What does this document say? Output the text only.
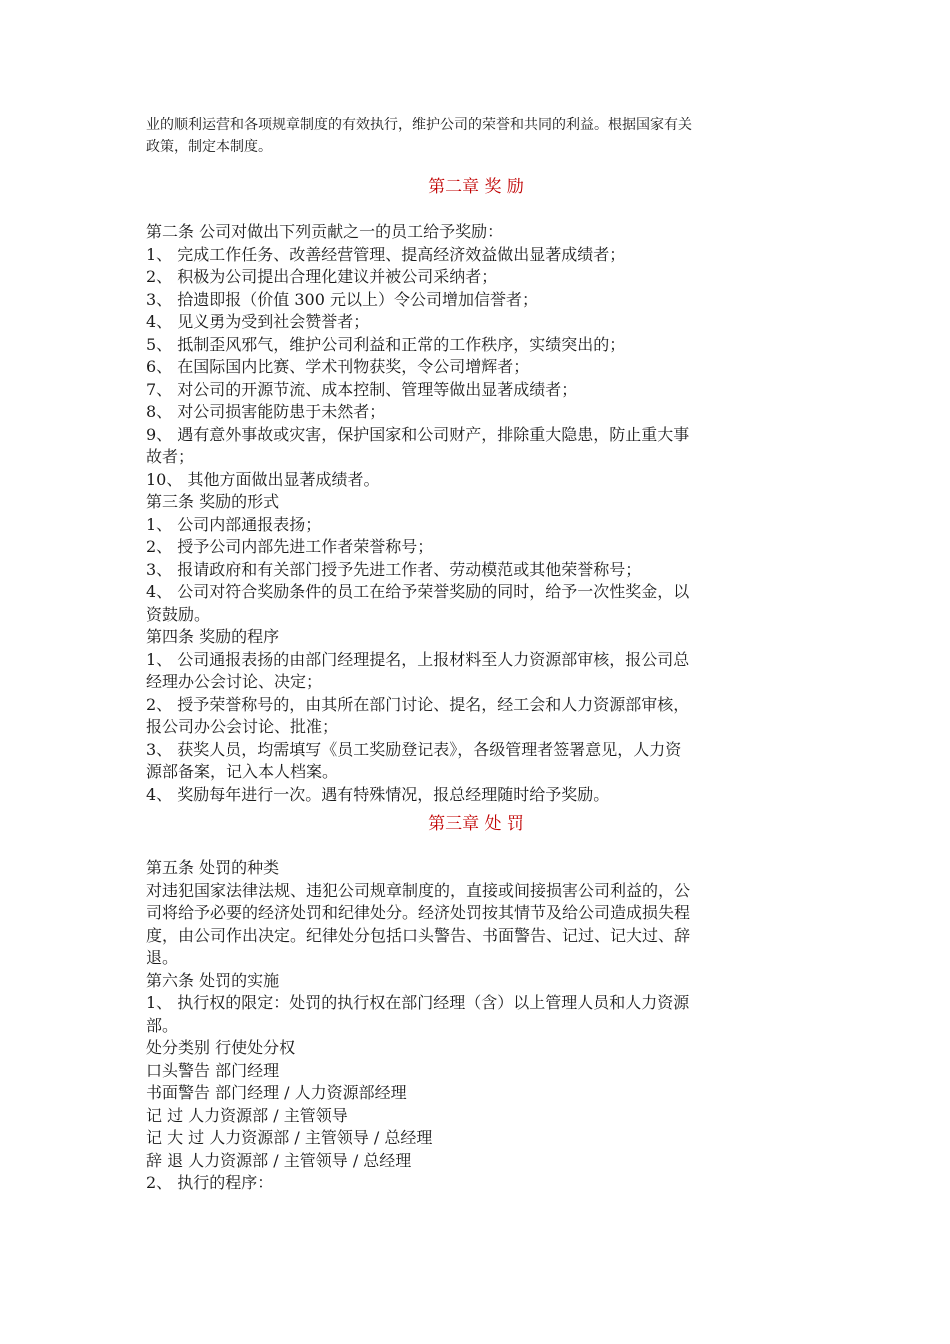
业的顺利运营和各项规章制度的有效执行，维护公司的荣誉和共同的利益。根据国家有关

政策，制定本制度。

第二章 奖 励

第二条 公司对做出下列贡献之一的员工给予奖励：

1、 完成工作任务、改善经营管理、提高经济效益做出显著成绩者；

2、 积极为公司提出合理化建议并被公司采纳者；

3、 拾遗即报（价值 300 元以上）令公司增加信誉者；

4、 见义勇为受到社会赞誉者；

5、 抵制歪风邪气，维护公司利益和正常的工作秩序，实绩突出的；

6、 在国际国内比赛、学术刊物获奖，令公司增辉者；

7、 对公司的开源节流、成本控制、管理等做出显著成绩者；

8、 对公司损害能防患于未然者；

9、 遇有意外事故或灾害，保护国家和公司财产，排除重大隐患，防止重大事

故者；

10、 其他方面做出显著成绩者。

第三条 奖励的形式

1、 公司内部通报表扬；

2、 授予公司内部先进工作者荣誉称号；

3、 报请政府和有关部门授予先进工作者、劳动模范或其他荣誉称号；

4、 公司对符合奖励条件的员工在给予荣誉奖励的同时，给予一次性奖金，以

资鼓励。

第四条 奖励的程序

1、 公司通报表扬的由部门经理提名，上报材料至人力资源部审核，报公司总

经理办公会讨论、决定；

2、 授予荣誉称号的，由其所在部门讨论、提名，经工会和人力资源部审核，

报公司办公会讨论、批准；

3、 获奖人员，均需填写《员工奖励登记表》，各级管理者签署意见，人力资

源部备案，记入本人档案。

4、 奖励每年进行一次。遇有特殊情况，报总经理随时给予奖励。

第三章 处 罚

第五条 处罚的种类

对违犯国家法律法规、违犯公司规章制度的，直接或间接损害公司利益的，公

司将给予必要的经济处罚和纪律处分。经济处罚按其情节及给公司造成损失程

度，由公司作出决定。纪律处分包括口头警告、书面警告、记过、记大过、辞

退。

第六条 处罚的实施

1、 执行权的限定：处罚的执行权在部门经理（含）以上管理人员和人力资源

部。

处分类别 行使处分权

口头警告 部门经理

书面警告 部门经理 / 人力资源部经理

记 过 人力资源部 / 主管领导

记 大 过 人力资源部 / 主管领导 / 总经理

辞 退 人力资源部 / 主管领导 / 总经理

2、 执行的程序：
